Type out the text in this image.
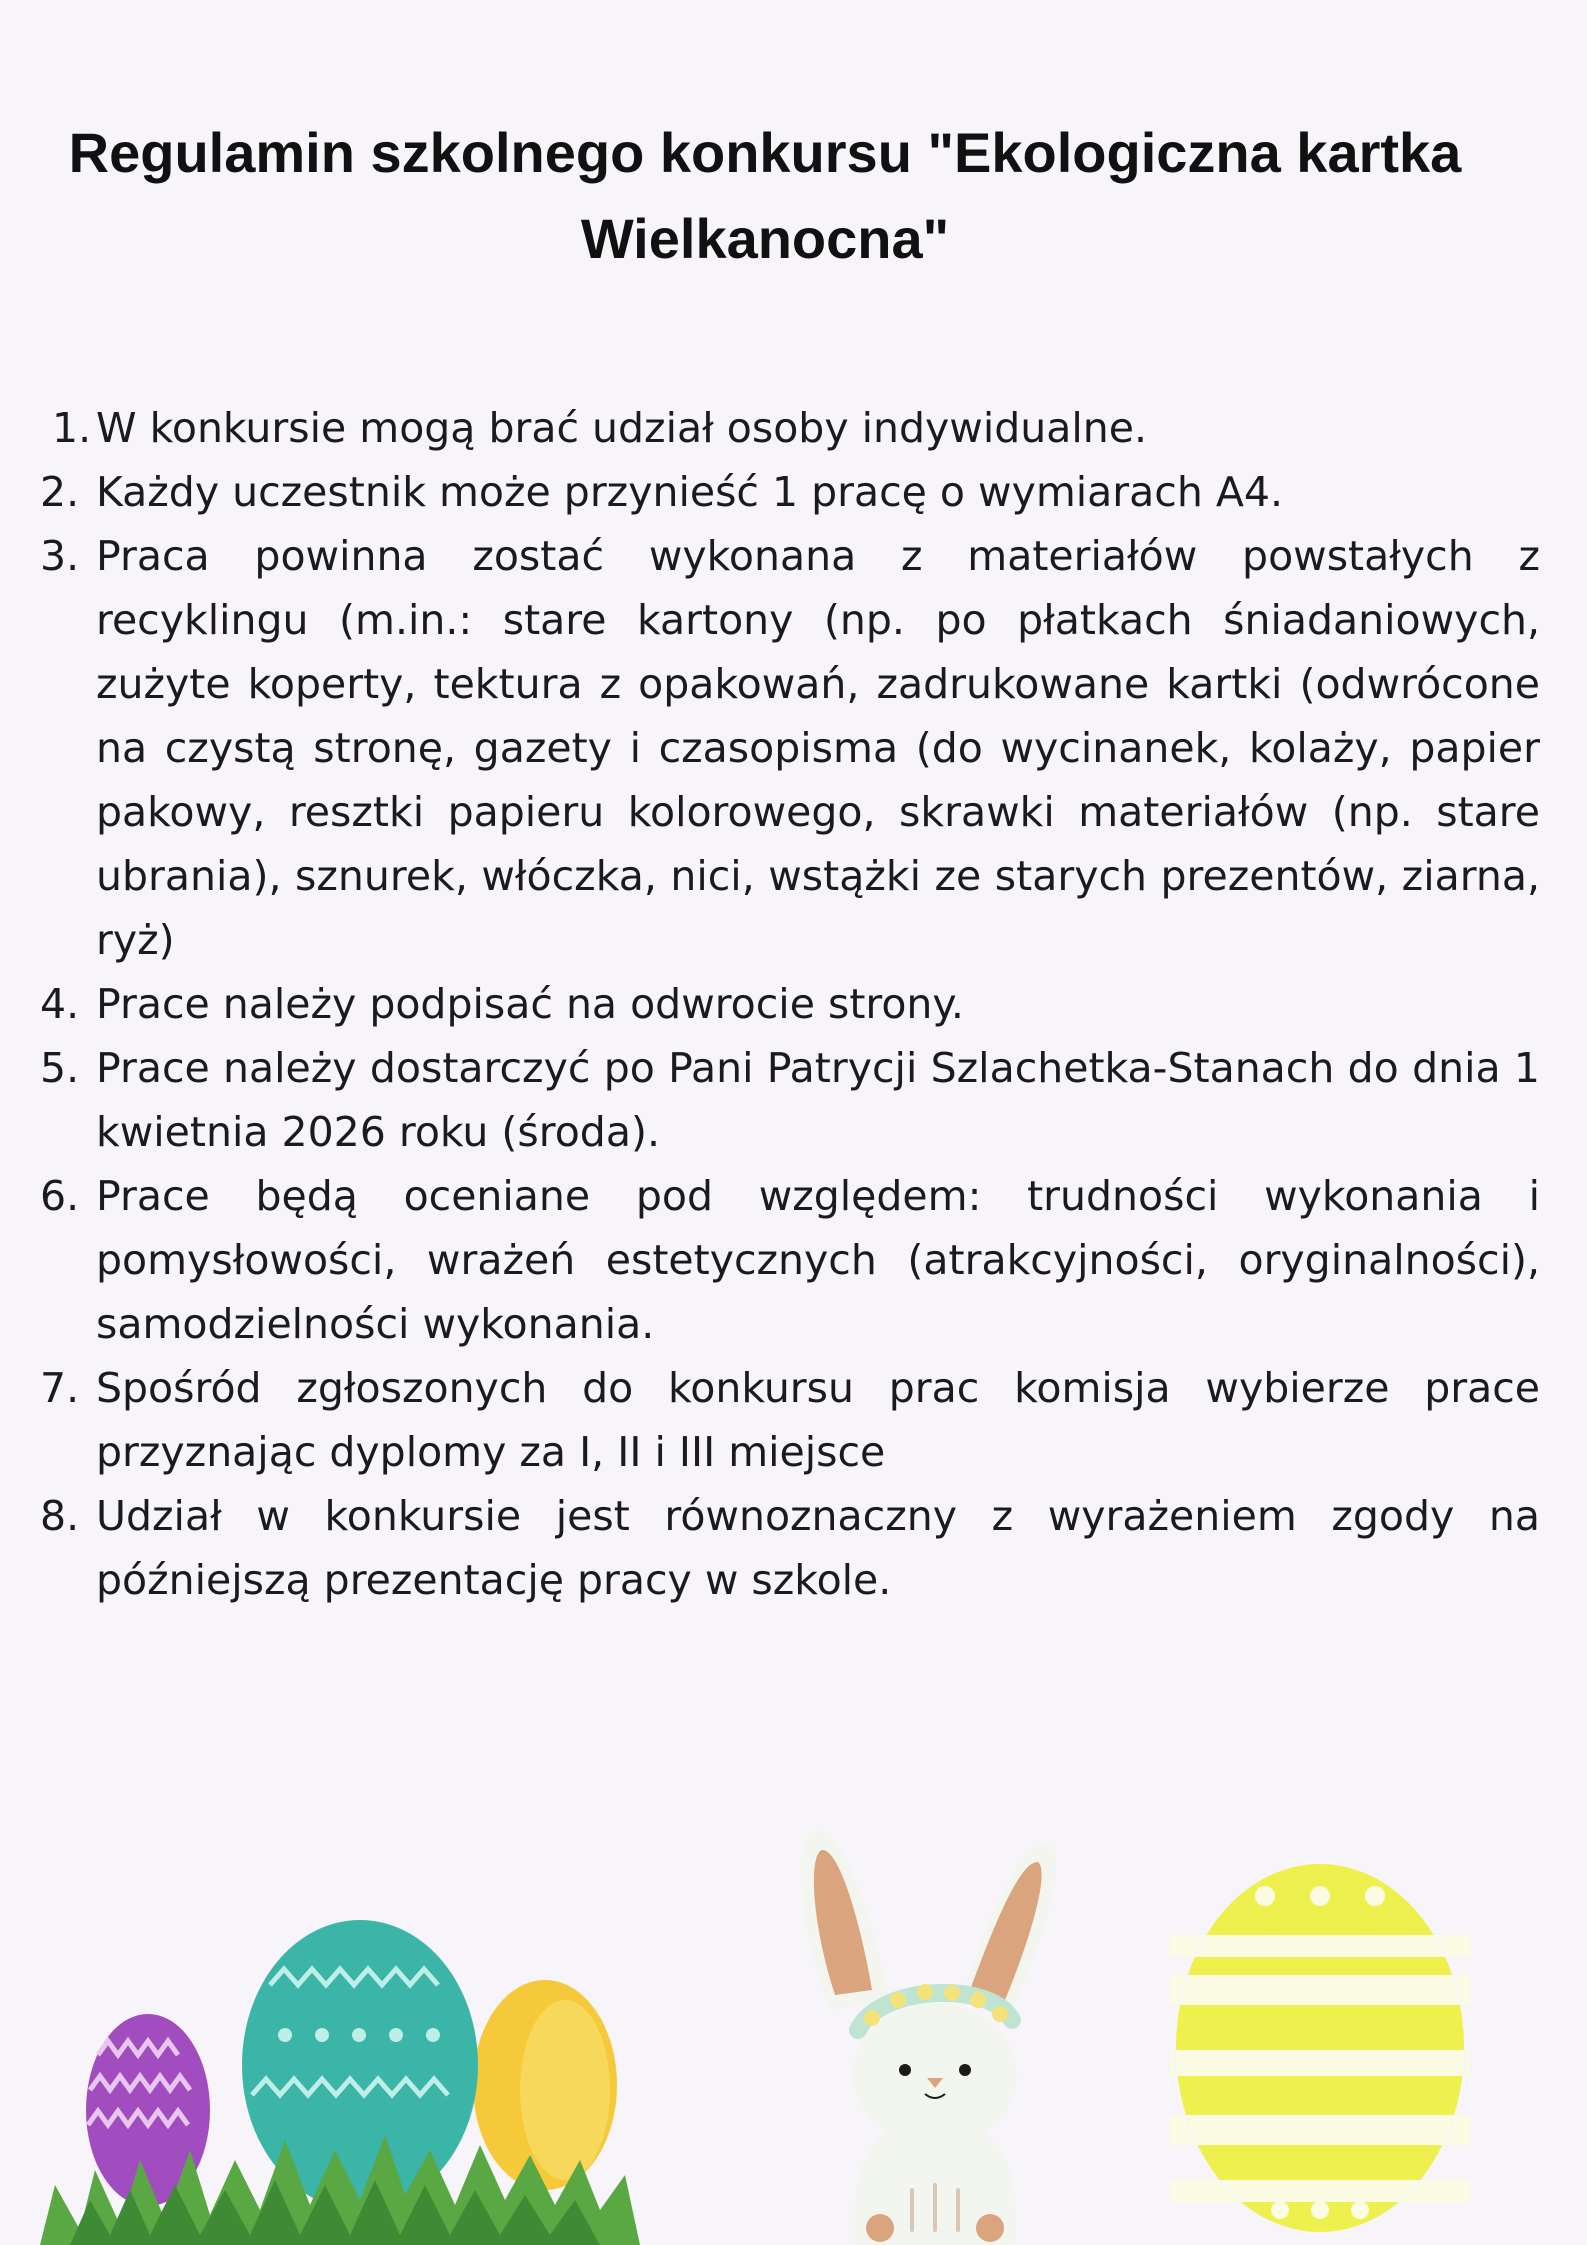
Regulamin szkolnego konkursu "Ekologiczna kartka Wielkanocna"
1. W konkursie mogą brać udział osoby indywidualne.
2. Każdy uczestnik może przynieść 1 pracę o wymiarach A4.
3. Praca powinna zostać wykonana z materiałów powstałych z recyklingu (m.in.: stare kartony (np. po płatkach śniadaniowych, zużyte koperty, tektura z opakowań, zadrukowane kartki (odwrócone na czystą stronę, gazety i czasopisma (do wycinanek, kolaży, papier pakowy, resztki papieru kolorowego, skrawki materiałów (np. stare ubrania), sznurek, włóczka, nici, wstążki ze starych prezentów, ziarna, ryż)
4. Prace należy podpisać na odwrocie strony.
5. Prace należy dostarczyć po Pani Patrycji Szlachetka-Stanach do dnia 1 kwietnia 2026 roku (środa).
6. Prace będą oceniane pod względem: trudności wykonania i pomysłowości, wrażeń estetycznych (atrakcyjności, oryginalności), samodzielności wykonania.
7. Spośród zgłoszonych do konkursu prac komisja wybierze prace przyznając dyplomy za I, II i III miejsce
8. Udział w konkursie jest równoznaczny z wyrażeniem zgody na późniejszą prezentację pracy w szkole.
